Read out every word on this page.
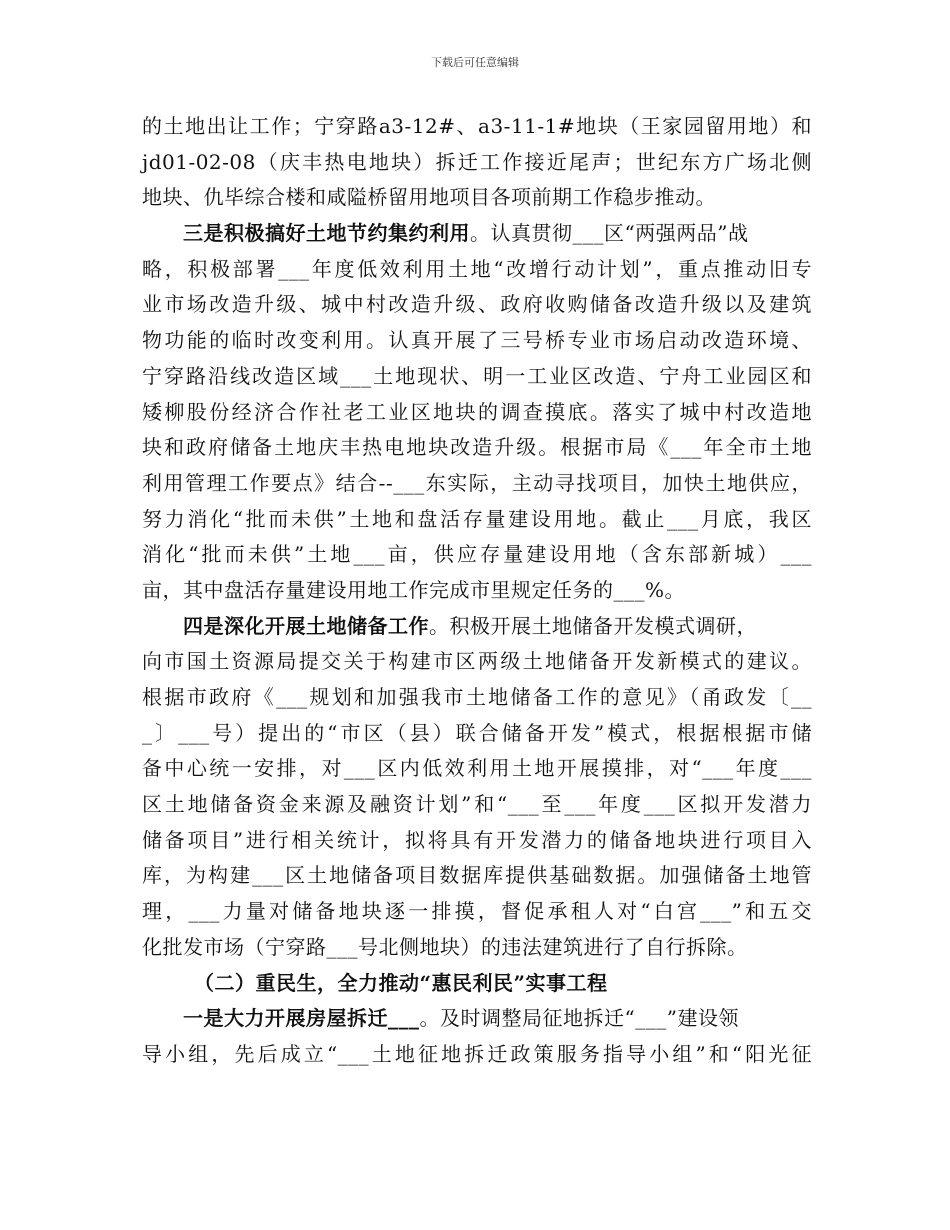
下载后可任意编辑
的土地出让工作；宁穿路a3-12#、a3-11-1#地块（王家园留用地）和
jd01-02-08（庆丰热电地块）拆迁工作接近尾声；世纪东方广场北侧
地块、仇毕综合楼和咸隘桥留用地项目各项前期工作稳步推动。
三是积极搞好土地节约集约利用。认真贯彻___区“两强两品”战
略，积极部署___年度低效利用土地“改增行动计划”，重点推动旧专
业市场改造升级、城中村改造升级、政府收购储备改造升级以及建筑
物功能的临时改变利用。认真开展了三号桥专业市场启动改造环境、
宁穿路沿线改造区域___土地现状、明一工业区改造、宁舟工业园区和
矮柳股份经济合作社老工业区地块的调查摸底。落实了城中村改造地
块和政府储备土地庆丰热电地块改造升级。根据市局《___年全市土地
利用管理工作要点》结合--___东实际，主动寻找项目，加快土地供应，
努力消化“批而未供”土地和盘活存量建设用地。截止___月底，我区
消化“批而未供”土地___亩，供应存量建设用地（含东部新城）___
亩，其中盘活存量建设用地工作完成市里规定任务的___%。
四是深化开展土地储备工作。积极开展土地储备开发模式调研，
向市国土资源局提交关于构建市区两级土地储备开发新模式的建议。
根据市政府《___规划和加强我市土地储备工作的意见》（甬政发〔__
_〕___号）提出的“市区（县）联合储备开发”模式，根据根据市储
备中心统一安排，对___区内低效利用土地开展摸排，对“___年度___
区土地储备资金来源及融资计划”和“___至___年度___区拟开发潜力
储备项目”进行相关统计，拟将具有开发潜力的储备地块进行项目入
库，为构建___区土地储备项目数据库提供基础数据。加强储备土地管
理，___力量对储备地块逐一排摸，督促承租人对“白宫___”和五交
化批发市场（宁穿路___号北侧地块）的违法建筑进行了自行拆除。
（二）重民生，全力推动“惠民利民”实事工程
一是大力开展房屋拆迁___。及时调整局征地拆迁“___”建设领
导小组，先后成立“___土地征地拆迁政策服务指导小组”和“阳光征
